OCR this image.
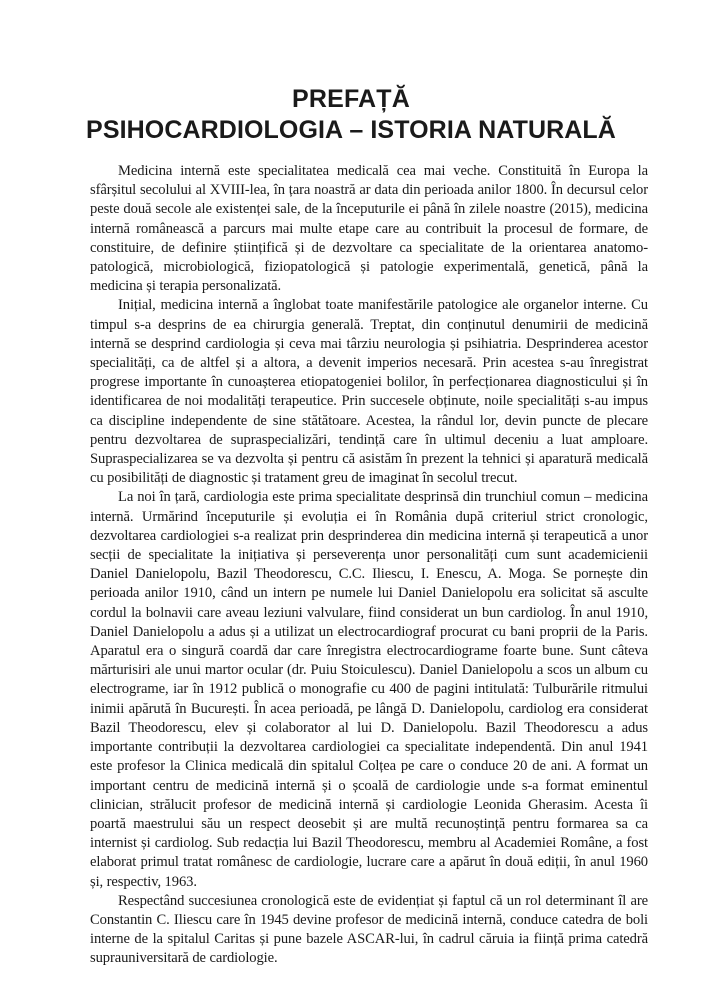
PREFAȚĂ
PSIHOCARDIOLOGIA – ISTORIA NATURALĂ

Medicina internă este specialitatea medicală cea mai veche. Constituită în Europa la sfârșitul secolului al XVIII-lea, în țara noastră ar data din perioada anilor 1800. În decursul celor peste două secole ale existenței sale, de la începuturile ei până în zilele noastre (2015), medicina internă românească a parcurs mai multe etape care au contribuit la procesul de formare, de constituire, de definire științifică și de dezvoltare ca specialitate de la orientarea anatomo-patologică, microbiologică, fiziopatologică și patologie experimentală, genetică, până la medicina și terapia personalizată.

Inițial, medicina internă a înglobat toate manifestările patologice ale organelor interne. Cu timpul s-a desprins de ea chirurgia generală. Treptat, din conținutul denumirii de medicină internă se desprind cardiologia și ceva mai târziu neurologia și psihiatria. Desprinderea acestor specialități, ca de altfel și a altora, a devenit imperios necesară. Prin acestea s-au înregistrat progrese importante în cunoașterea etiopatogeniei bolilor, în perfecționarea diagnosticului și în identificarea de noi modalități terapeutice. Prin succesele obținute, noile specialități s-au impus ca discipline independente de sine stătătoare. Acestea, la rândul lor, devin puncte de plecare pentru dezvoltarea de supraspecializări, tendință care în ultimul deceniu a luat amploare. Supraspecializarea se va dezvolta și pentru că asistăm în prezent la tehnici și aparatură medicală cu posibilități de diagnostic și tratament greu de imaginat în secolul trecut.

La noi în țară, cardiologia este prima specialitate desprinsă din trunchiul comun – medicina internă. Urmărind începuturile și evoluția ei în România după criteriul strict cronologic, dezvoltarea cardiologiei s-a realizat prin desprinderea din medicina internă și terapeutică a unor secții de specialitate la inițiativa și perseverența unor personalități cum sunt academicienii Daniel Danielopolu, Bazil Theodorescu, C.C. Iliescu, I. Enescu, A. Moga. Se pornește din perioada anilor 1910, când un intern pe numele lui Daniel Danielopolu era solicitat să asculte cordul la bolnavii care aveau leziuni valvulare, fiind considerat un bun cardiolog. În anul 1910, Daniel Danielopolu a adus și a utilizat un electrocardiograf procurat cu bani proprii de la Paris. Aparatul era o singură coardă dar care înregistra electrocardiograme foarte bune. Sunt câteva mărturisiri ale unui martor ocular (dr. Puiu Stoiculescu). Daniel Danielopolu a scos un album cu electrograme, iar în 1912 publică o monografie cu 400 de pagini intitulată: Tulburările ritmului inimii apărută în București. În acea perioadă, pe lângă D. Danielopolu, cardiolog era considerat Bazil Theodorescu, elev și colaborator al lui D. Danielopolu. Bazil Theodorescu a adus importante contribuții la dezvoltarea cardiologiei ca specialitate independentă. Din anul 1941 este profesor la Clinica medicală din spitalul Colțea pe care o conduce 20 de ani. A format un important centru de medicină internă și o școală de cardiologie unde s-a format eminentul clinician, strălucit profesor de medicină internă și cardiologie Leonida Gherasim. Acesta îi poartă maestrului său un respect deosebit și are multă recunoștință pentru formarea sa ca internist și cardiolog. Sub redacția lui Bazil Theodorescu, membru al Academiei Române, a fost elaborat primul tratat românesc de cardiologie, lucrare care a apărut în două ediții, în anul 1960 și, respectiv, 1963.

Respectând succesiunea cronologică este de evidențiat și faptul că un rol determinant îl are Constantin C. Iliescu care în 1945 devine profesor de medicină internă, conduce catedra de boli interne de la spitalul Caritas și pune bazele ASCAR-lui, în cadrul căruia ia ființă prima catedră suprauniversitară de cardiologie.
